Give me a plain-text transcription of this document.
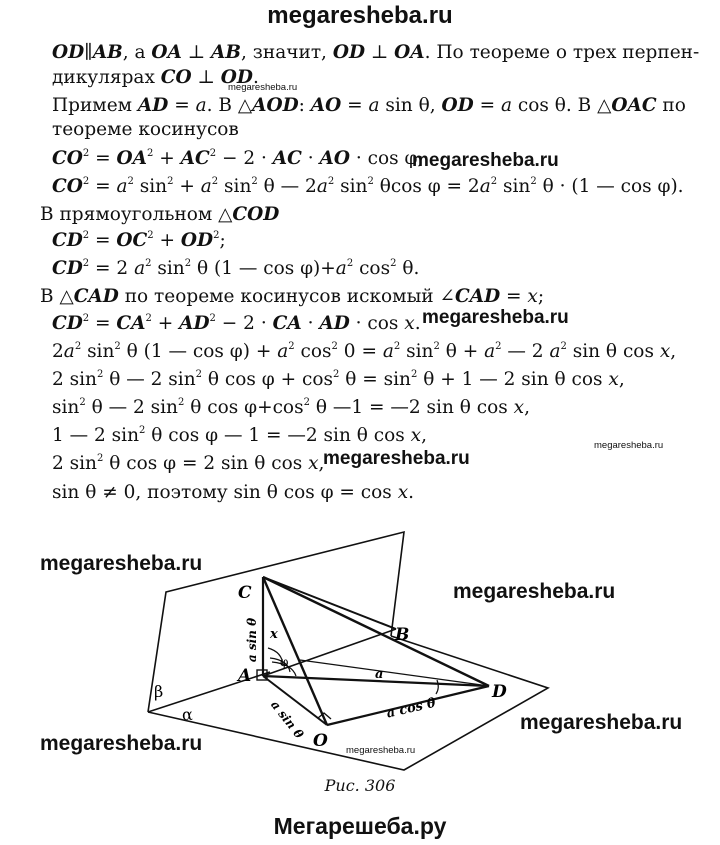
megaresheba.ru
OD∥AB, а OA ⊥ AB, значит, OD ⊥ OA. По теореме о трех перпен-
дикулярах CO ⊥ OD.
Примем AD = a. В △AOD: AO = a sin θ, OD = a cos θ. В △OAC по
теореме косинусов
$CO^2 = OA^2 + AC^2 - 2$ · AC · AO · cos φ;
$CO^2 = a^2$ $\sin^2 + a^2$ $\sin^2 \theta$ — $2a^2$ $\sin^2 \theta\cos$ $\varphi = 2a^2$ $\sin^2 \theta \cdot (1$ — cos φ).
В прямоугольном △COD
$CD^2 = OC^2 + OD^2$;
$CD^2 = 2$ $a^2$ $\sin^2 \theta$ (1 — $\cos \varphi)+a^2$ $\cos^2 \theta$.
В △CAD по теореме косинусов искомый ∠CAD = x;
$CD^2 = CA^2 + AD^2 - 2$ · CA · AD · cos x.
$2a^2$ $\sin^2 \theta$ (1 — $\cos \varphi) + a^2$ $\cos^2 0 = a^2$ $\sin^2 \theta + a^2$ — 2 $a^2$ sin θ cos x,
2 $\sin^2 \theta$ — 2 $\sin^2 \theta$ $\cos \varphi + \cos^2 \theta = \sin^2 \theta + 1$ — 2 sin θ cos x,
$\sin^2 \theta$ — 2 $\sin^2 \theta$ $\cos \varphi+\cos^2$ θ —1 = —2 sin θ cos x,
1 — 2 $\sin^2 \theta$ cos φ — 1 = —2 sin θ cos x,
2 $\sin^2 \theta$ cos φ = 2 sin θ cos x,
sin θ ≠ 0, поэтому sin θ cos φ = cos x.
megaresheba.ru
megaresheba.ru
megaresheba.ru
megaresheba.ru
megaresheba.ru
C
B
A
D
O
β
α
a sin θ
a sin θ	a cos θ
a
x
φ
megaresheba.ru
megaresheba.ru
megaresheba.ru
megaresheba.ru	megaresheba.ru
Рис. 306
Мегарешеба.ру
